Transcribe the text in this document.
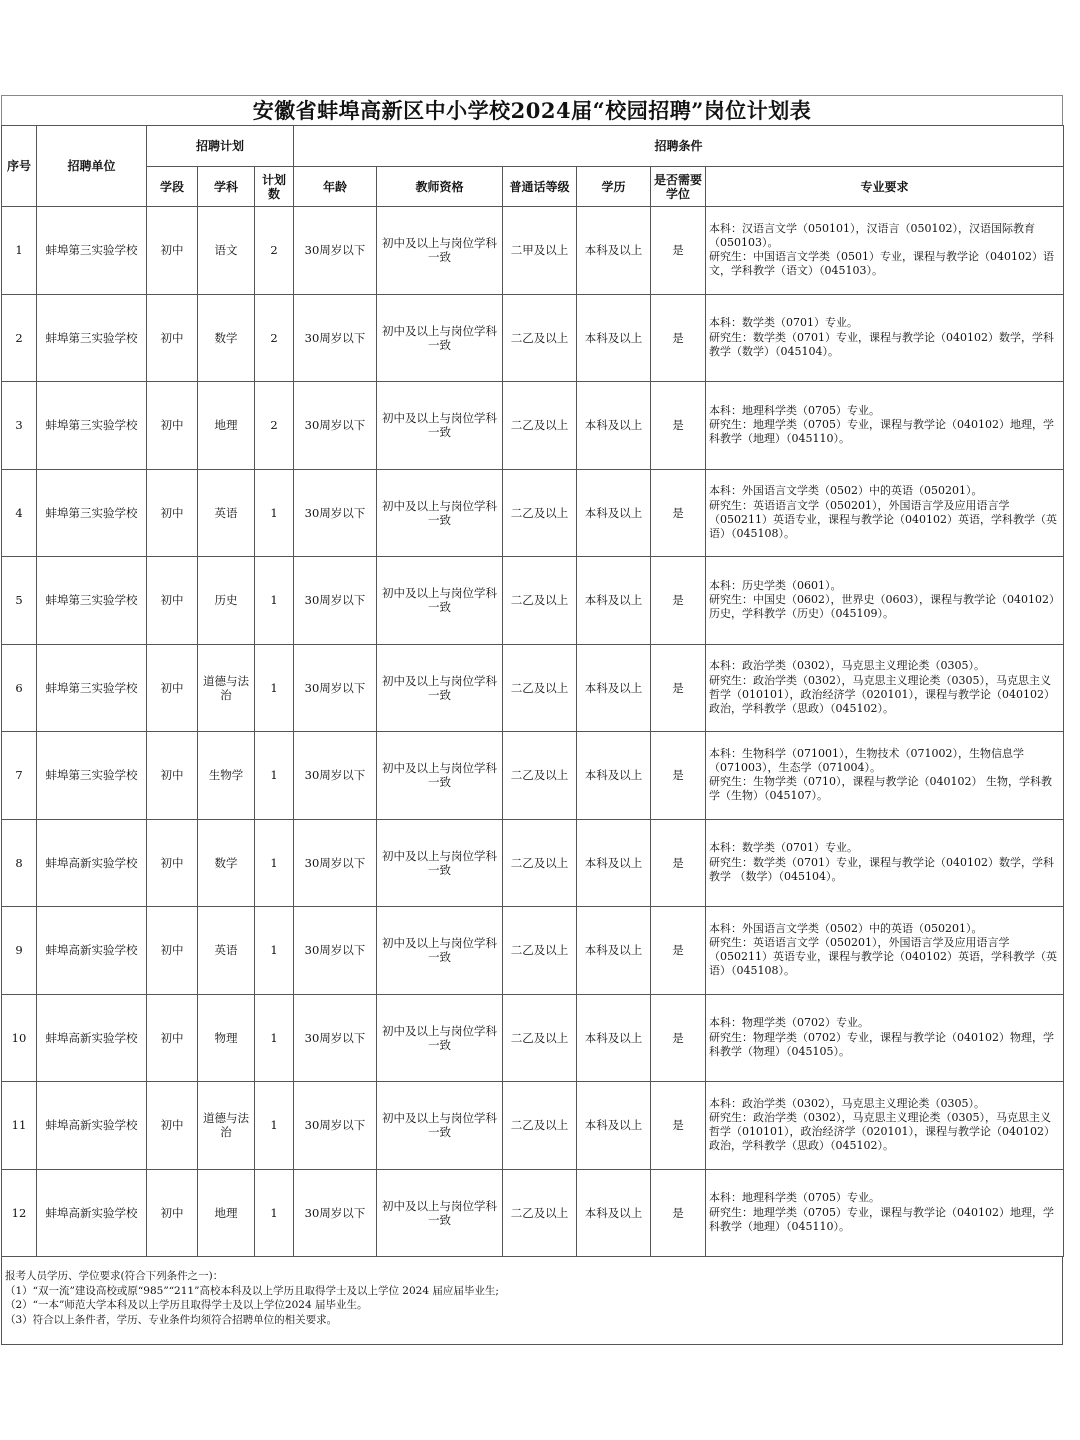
安徽省蚌埠高新区中小学校2024届“校园招聘”岗位计划表
序号	招聘单位	招聘计划			招聘条件					
		学段	学科	计划数	年龄	教师资格	普通话等级	学历	是否需要学位	专业要求
1	蚌埠第三实验学校	初中	语文	2	30周岁以下	初中及以上与岗位学科一致	二甲及以上	本科及以上	是	本科：汉语言文学（050101），汉语言（050102），汉语国际教育（050103）。
研究生：中国语言文学类（0501）专业，课程与教学论（040102）语文，学科教学（语文）（045103）。

2	蚌埠第三实验学校	初中	数学	2	30周岁以下	初中及以上与岗位学科一致	二乙及以上	本科及以上	是	本科：数学类（0701）专业。
研究生：数学类（0701）专业，课程与教学论（040102）数学，学科教学（数学）（045104）。

3	蚌埠第三实验学校	初中	地理	2	30周岁以下	初中及以上与岗位学科一致	二乙及以上	本科及以上	是	本科：地理科学类（0705）专业。
研究生：地理学类（0705）专业，课程与教学论（040102）地理，学科教学（地理）（045110）。

4	蚌埠第三实验学校	初中	英语	1	30周岁以下	初中及以上与岗位学科一致	二乙及以上	本科及以上	是	本科：外国语言文学类（0502）中的英语（050201）。
研究生：英语语言文学（050201），外国语言学及应用语言学（050211）英语专业，课程与教学论（040102）英语，学科教学（英语）（045108）。

5	蚌埠第三实验学校	初中	历史	1	30周岁以下	初中及以上与岗位学科一致	二乙及以上	本科及以上	是	本科：历史学类（0601）。
研究生：中国史（0602），世界史（0603），课程与教学论（040102）历史，学科教学（历史）（045109）。

6	蚌埠第三实验学校	初中	道德与法治	1	30周岁以下	初中及以上与岗位学科一致	二乙及以上	本科及以上	是	本科：政治学类（0302），马克思主义理论类（0305）。
研究生：政治学类（0302），马克思主义理论类（0305），马克思主义哲学（010101），政治经济学（020101），课程与教学论（040102）政治，学科教学（思政）（045102）。

7	蚌埠第三实验学校	初中	生物学	1	30周岁以下	初中及以上与岗位学科一致	二乙及以上	本科及以上	是	本科：生物科学（071001），生物技术（071002），生物信息学（071003），生态学（071004）。
研究生：生物学类（0710），课程与教学论（040102） 生物，学科教学（生物）（045107）。

8	蚌埠高新实验学校	初中	数学	1	30周岁以下	初中及以上与岗位学科一致	二乙及以上	本科及以上	是	本科：数学类（0701）专业。
研究生：数学类（0701）专业，课程与教学论（040102）数学，学科教学 （数学）（045104）。

9	蚌埠高新实验学校	初中	英语	1	30周岁以下	初中及以上与岗位学科一致	二乙及以上	本科及以上	是	本科：外国语言文学类（0502）中的英语（050201）。
研究生：英语语言文学（050201），外国语言学及应用语言学（050211）英语专业，课程与教学论（040102）英语，学科教学（英语）（045108）。

10	蚌埠高新实验学校	初中	物理	1	30周岁以下	初中及以上与岗位学科一致	二乙及以上	本科及以上	是	本科：物理学类（0702）专业。
研究生：物理学类（0702）专业，课程与教学论（040102）物理，学科教学（物理）（045105）。

11	蚌埠高新实验学校	初中	道德与法治	1	30周岁以下	初中及以上与岗位学科一致	二乙及以上	本科及以上	是	本科：政治学类（0302），马克思主义理论类（0305）。
研究生：政治学类（0302），马克思主义理论类（0305），马克思主义哲学（010101），政治经济学（020101），课程与教学论（040102）政治，学科教学（思政）（045102）。

12	蚌埠高新实验学校	初中	地理	1	30周岁以下	初中及以上与岗位学科一致	二乙及以上	本科及以上	是	本科：地理科学类（0705）专业。
研究生：地理学类（0705）专业，课程与教学论（040102）地理，学科教学（地理）（045110）。
报考人员学历、学位要求(符合下列条件之一)：
（1）“双一流”建设高校或原“985”“211”高校本科及以上学历且取得学士及以上学位 2024 届应届毕业生;
（2）“一本”师范大学本科及以上学历且取得学士及以上学位2024 届毕业生。
（3）符合以上条件者，学历、专业条件均须符合招聘单位的相关要求。
